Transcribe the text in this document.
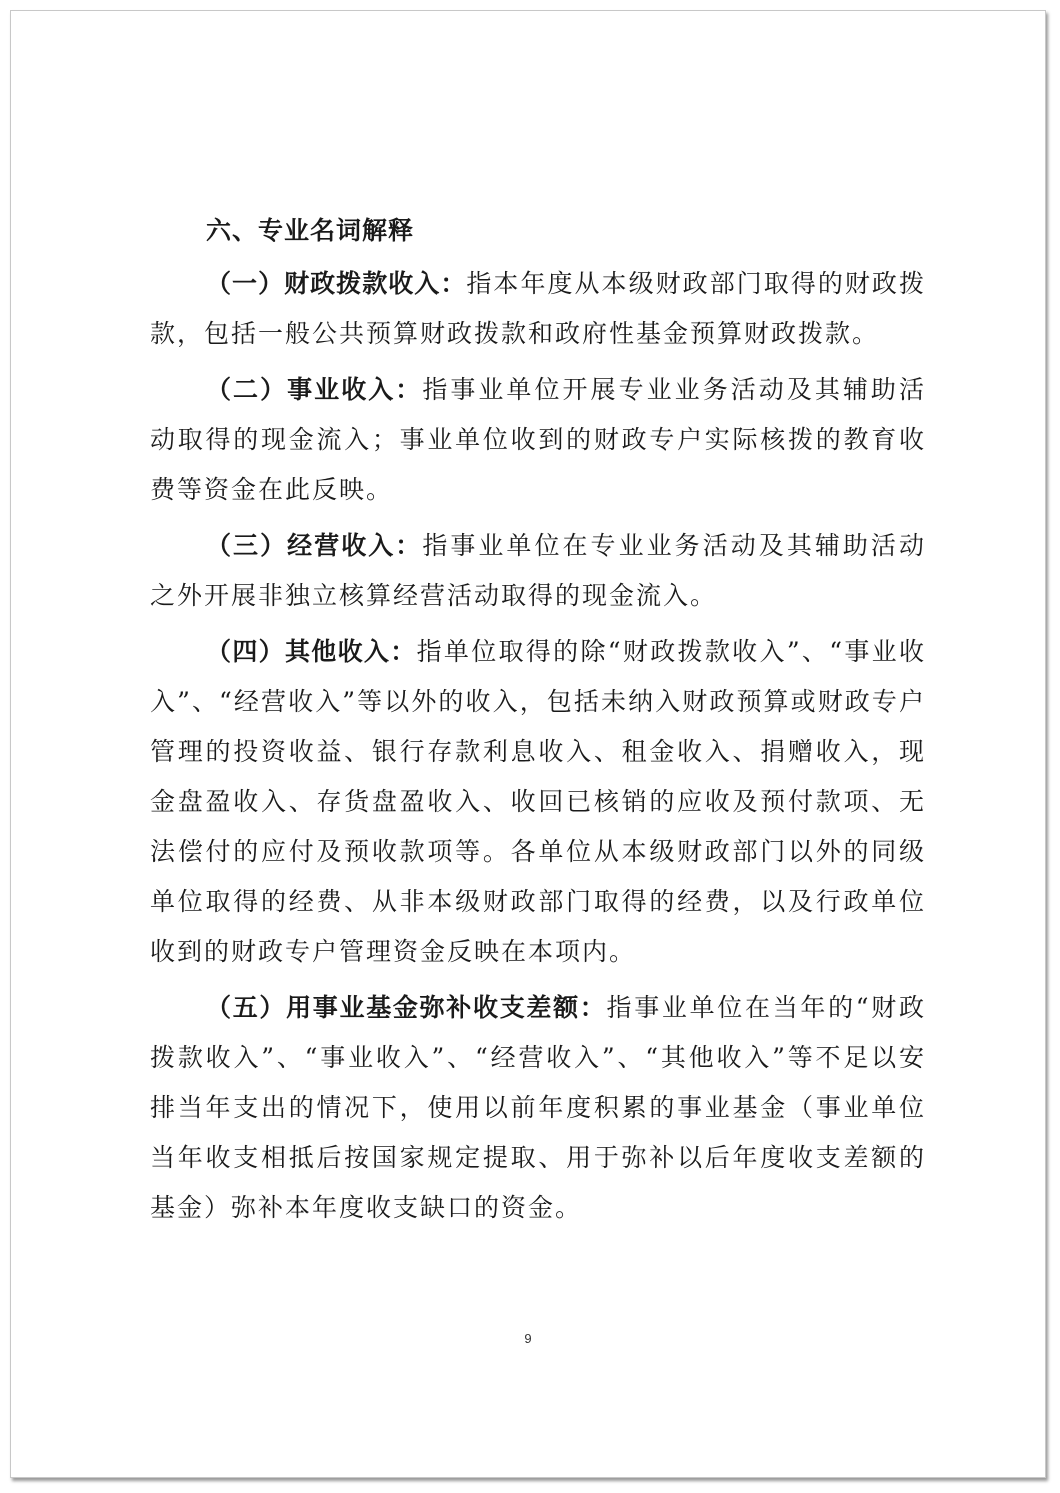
六、专业名词解释

（一）财政拨款收入：指本年度从本级财政部门取得的财政拨款，包括一般公共预算财政拨款和政府性基金预算财政拨款。

（二）事业收入：指事业单位开展专业业务活动及其辅助活动取得的现金流入；事业单位收到的财政专户实际核拨的教育收费等资金在此反映。

（三）经营收入：指事业单位在专业业务活动及其辅助活动之外开展非独立核算经营活动取得的现金流入。

（四）其他收入：指单位取得的除“财政拨款收入”、“事业收入”、“经营收入”等以外的收入，包括未纳入财政预算或财政专户管理的投资收益、银行存款利息收入、租金收入、捐赠收入，现金盘盈收入、存货盘盈收入、收回已核销的应收及预付款项、无法偿付的应付及预收款项等。各单位从本级财政部门以外的同级单位取得的经费、从非本级财政部门取得的经费，以及行政单位收到的财政专户管理资金反映在本项内。

（五）用事业基金弥补收支差额：指事业单位在当年的“财政拨款收入”、“事业收入”、“经营收入”、“其他收入”等不足以安排当年支出的情况下，使用以前年度积累的事业基金（事业单位当年收支相抵后按国家规定提取、用于弥补以后年度收支差额的基金）弥补本年度收支缺口的资金。

9
